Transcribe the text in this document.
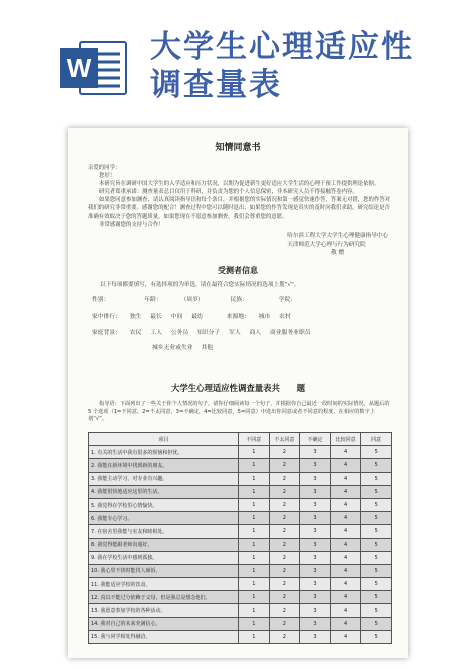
W
大学生心理适应性
调查量表
知情同意书

亲爱的同学：

您好！

本研究旨在调研中国大学生的入学适应和压力状况，以期为促进新生更好适应大学生活的心理干预工作提供理论依据。

研究者郑重承诺：测查量表总目仅用于科研，并负责为您的个人信息保密，非本研究人员不得接触答卷内容。

如果您同意参加测查，请认真阅读指导语和每个条目，并根据您的实际情况和第一感觉快速作答，答案无对错，您的作答对我们的研究非常重要。感谢您的配合！测查过程中您可以随时退出，如果您的作答发现是真实的及时向我们求助，研究结论是否准确有效取决于您的答题质量，如果您现在不愿意参加测查，我们会尊重您的意愿。

非常感谢您的支持与合作！

哈尔滨工程大学大学生心理健康指导中心
天津师范大学心理与行为研究院
敬 赠
受测者信息
以下每项都要填写，有选择项的为单选，请在最符合您实际情况的选项上划“√”。
性别：	年龄：	（周岁）	民族：	学院：
家中排行： 独生 最长 中间 最幼	来源地： 城市 农村
家庭背景： 农民 工人 公务员 知识分子 军人 商人 商业服务业职员
城乡无业或失业 其他
大学生心理适应性调查量表共　　题

指导语：下面列出了一些关于你个人情况的句子，请你仔细阅读每一个句子，并根据你自己最近一段时间的实际情况，从题后的 5 个选项（1=不同意，2=不太同意，3=不确定，4=比较同意，5=同意）中选出你同意或者不同意的程度，在相应的数字上划“√”。

项目	不同意	不太同意	不确定	比较同意	同意
1. 有关的生活中我有很多的烦恼和担忧。	1	2	3	4	5
2. 我能在新环境中找到新的朋友。	1	2	3	4	5
3. 我能主动学习，对专业有兴趣。	1	2	3	4	5
4. 我能很快地适应这里的生活。	1	2	3	4	5
5. 我觉得在学校里心情愉快。	1	2	3	4	5
6. 我能专心学习。	1	2	3	4	5
7. 在宿舍里我能与室友和睦相处。	1	2	3	4	5
8. 我觉得能跟老师沟通好。	1	2	3	4	5
9. 我在学校生活中感到孤独。	1	2	3	4	5
10. 我心里不快时能找人倾诉。	1	2	3	4	5
11. 我能适应学校的饮食。	1	2	3	4	5
12. 真以不能过分依赖于父母，但是我总是想念他们。	1	2	3	4	5
13. 我愿意参加学校的各种活动。	1	2	3	4	5
14. 我对自己的未来充满信心。	1	2	3	4	5
15. 我与同学相处得融洽。	1	2	3	4	5
